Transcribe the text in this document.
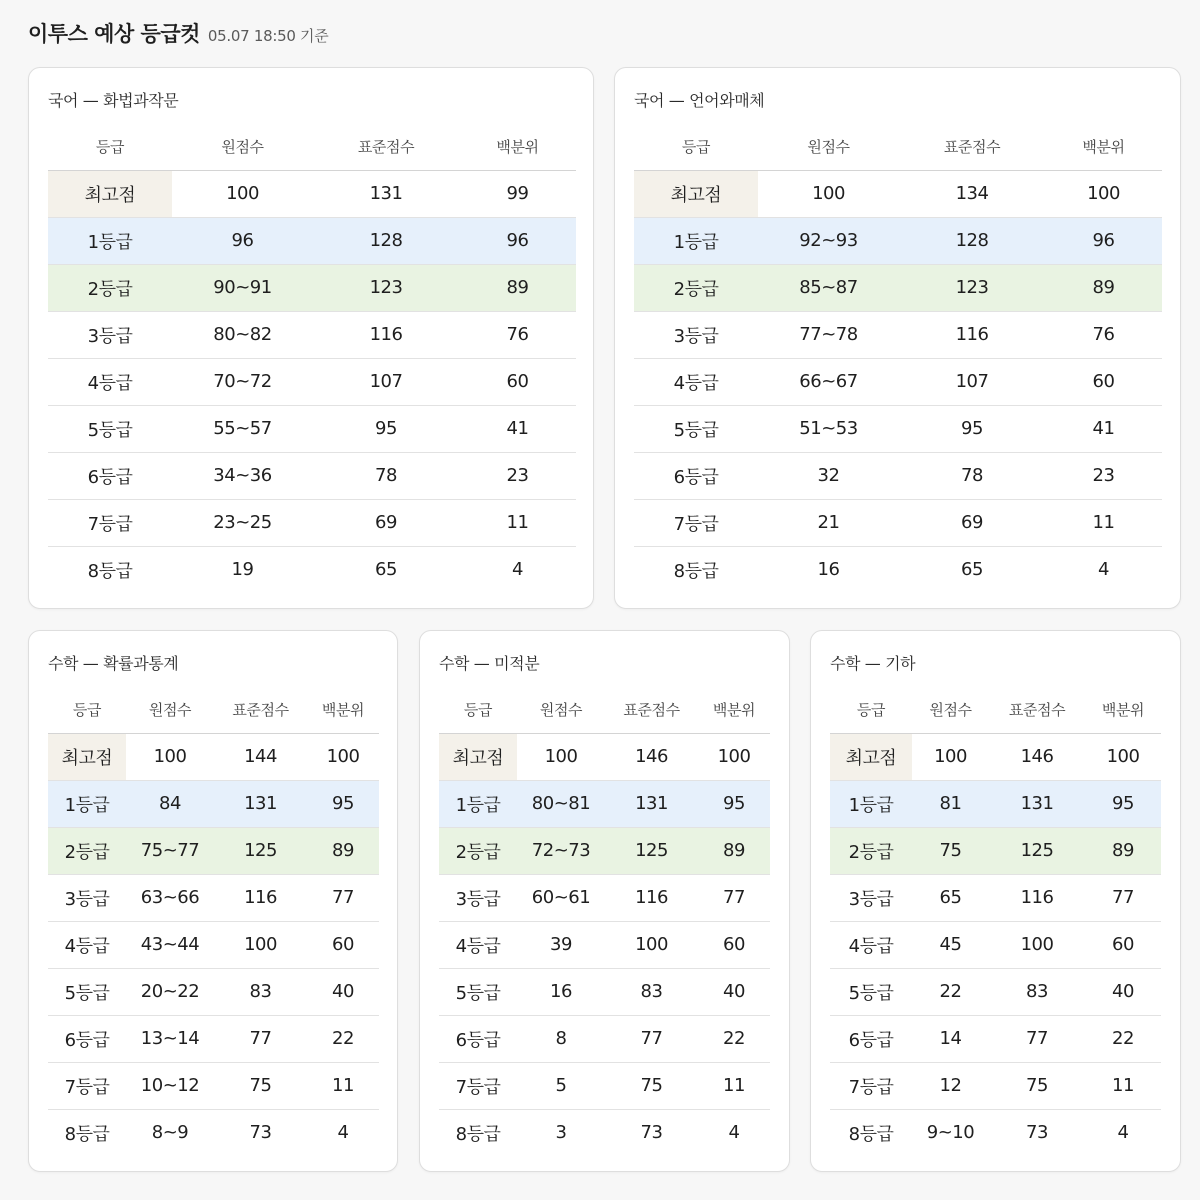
이투스 예상 등급컷 05.07 18:50 기준
국어 — 화법과작문
등급	원점수	표준점수	백분위
최고점	100	131	99
1등급	96	128	96
2등급	90~91	123	89
3등급	80~82	116	76
4등급	70~72	107	60
5등급	55~57	95	41
6등급	34~36	78	23
7등급	23~25	69	11
8등급	19	65	4
국어 — 언어와매체
등급	원점수	표준점수	백분위
최고점	100	134	100
1등급	92~93	128	96
2등급	85~87	123	89
3등급	77~78	116	76
4등급	66~67	107	60
5등급	51~53	95	41
6등급	32	78	23
7등급	21	69	11
8등급	16	65	4
수학 — 확률과통계
등급	원점수	표준점수	백분위
최고점	100	144	100
1등급	84	131	95
2등급	75~77	125	89
3등급	63~66	116	77
4등급	43~44	100	60
5등급	20~22	83	40
6등급	13~14	77	22
7등급	10~12	75	11
8등급	8~9	73	4
수학 — 미적분
등급	원점수	표준점수	백분위
최고점	100	146	100
1등급	80~81	131	95
2등급	72~73	125	89
3등급	60~61	116	77
4등급	39	100	60
5등급	16	83	40
6등급	8	77	22
7등급	5	75	11
8등급	3	73	4
수학 — 기하
등급	원점수	표준점수	백분위
최고점	100	146	100
1등급	81	131	95
2등급	75	125	89
3등급	65	116	77
4등급	45	100	60
5등급	22	83	40
6등급	14	77	22
7등급	12	75	11
8등급	9~10	73	4
